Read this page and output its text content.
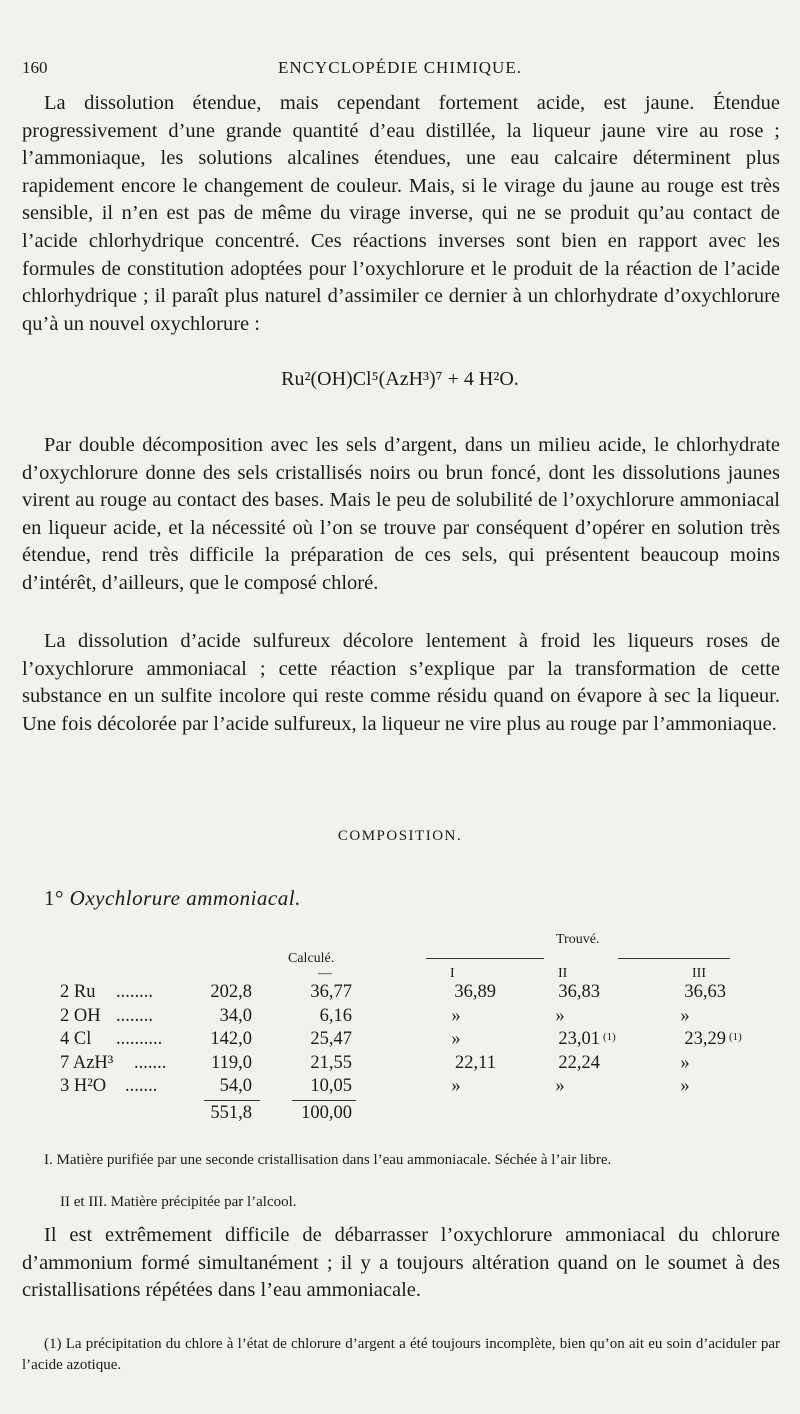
160	ENCYCLOPÉDIE CHIMIQUE.

La dissolution étendue, mais cependant fortement acide, est jaune. Étendue progressivement d’une grande quantité d’eau distillée, la liqueur jaune vire au rose ; l’ammoniaque, les solutions alcalines étendues, une eau calcaire déterminent plus rapidement encore le changement de couleur. Mais, si le virage du jaune au rouge est très sensible, il n’en est pas de même du virage inverse, qui ne se produit qu’au contact de l’acide chlorhydrique concentré. Ces réactions inverses sont bien en rapport avec les formules de constitution adoptées pour l’oxychlorure et le produit de la réaction de l’acide chlorhydrique ; il paraît plus naturel d’assimiler ce dernier à un chlorhydrate d’oxychlorure qu’à un nouvel oxychlorure :

Ru²(OH)Cl⁵(AzH³)⁷ + 4 H²O.

Par double décomposition avec les sels d’argent, dans un milieu acide, le chlorhydrate d’oxychlorure donne des sels cristallisés noirs ou brun foncé, dont les dissolutions jaunes virent au rouge au contact des bases. Mais le peu de solubilité de l’oxychlorure ammoniacal en liqueur acide, et la nécessité où l’on se trouve par conséquent d’opérer en solution très étendue, rend très difficile la préparation de ces sels, qui présentent beaucoup moins d’intérêt, d’ailleurs, que le composé chloré.

La dissolution d’acide sulfureux décolore lentement à froid les liqueurs roses de l’oxychlorure ammoniacal ; cette réaction s’explique par la transformation de cette substance en un sulfite incolore qui reste comme résidu quand on évapore à sec la liqueur. Une fois décolorée par l’acide sulfureux, la liqueur ne vire plus au rouge par l’ammoniaque.

COMPOSITION.
1° Oxychlorure ammoniacal.
Calculé.
—
Trouvé.
I	II	III
2 Ru	........	202,8	36,77	36,89	36,83	36,63
2 OH ........	34,0	6,16	»	»	»
4 Cl	..........	142,0	25,47	»	23,01 (1)	23,29 (1)
7 AzH³	.......	119,0	21,55	22,11	22,24	»
3 H²O	.......	54,0	10,05	»	»	»
551,8	100,00

I. Matière purifiée par une seconde cristallisation dans l’eau ammoniacale. Séchée à l’air libre.

II et III. Matière précipitée par l’alcool.

Il est extrêmement difficile de débarrasser l’oxychlorure ammoniacal du chlorure d’ammonium formé simultanément ; il y a toujours altération quand on le soumet à des cristallisations répétées dans l’eau ammoniacale.

(1) La précipitation du chlore à l’état de chlorure d’argent a été toujours incomplète, bien qu’on ait eu soin d’aciduler par l’acide azotique.
